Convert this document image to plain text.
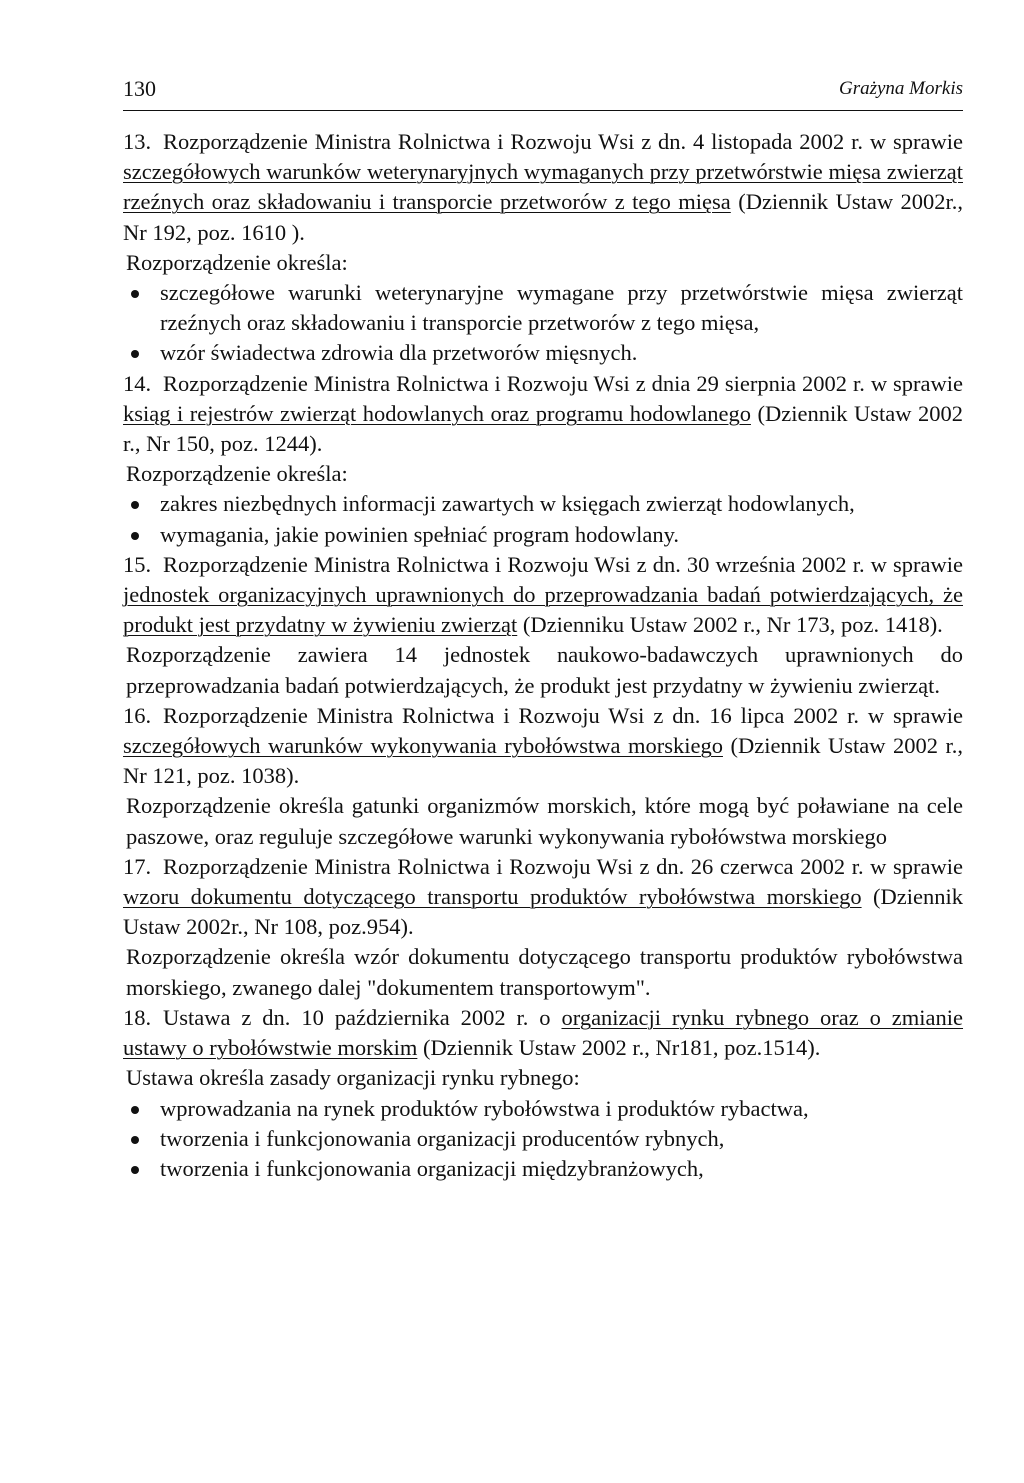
130	Grażyna Morkis
13. Rozporządzenie Ministra Rolnictwa i Rozwoju Wsi z dn. 4 listopada 2002 r. w sprawie szczegółowych warunków weterynaryjnych wymaganych przy przetwórstwie mięsa zwierząt rzeźnych oraz składowaniu i transporcie przetworów z tego mięsa (Dziennik Ustaw 2002r., Nr 192, poz. 1610 ).
Rozporządzenie określa:
szczegółowe warunki weterynaryjne wymagane przy przetwórstwie mięsa zwierząt rzeźnych oraz składowaniu i transporcie przetworów z tego mięsa,
wzór świadectwa zdrowia dla przetworów mięsnych.
14. Rozporządzenie Ministra Rolnictwa i Rozwoju Wsi z dnia 29 sierpnia 2002 r. w sprawie ksiąg i rejestrów zwierząt hodowlanych oraz programu hodowlanego (Dziennik Ustaw 2002 r., Nr 150, poz. 1244).
Rozporządzenie określa:
zakres niezbędnych informacji zawartych w księgach zwierząt hodowlanych,
wymagania, jakie powinien spełniać program hodowlany.
15. Rozporządzenie Ministra Rolnictwa i Rozwoju Wsi z dn. 30 września 2002 r. w sprawie jednostek organizacyjnych uprawnionych do przeprowadzania badań potwierdzających, że produkt jest przydatny w żywieniu zwierząt (Dzienniku Ustaw 2002 r., Nr 173, poz. 1418).
Rozporządzenie zawiera 14 jednostek naukowo-badawczych uprawnionych do przeprowadzania badań potwierdzających, że produkt jest przydatny w żywieniu zwierząt.
16. Rozporządzenie Ministra Rolnictwa i Rozwoju Wsi z dn. 16 lipca 2002 r. w sprawie szczegółowych warunków wykonywania rybołówstwa morskiego (Dziennik Ustaw 2002 r., Nr 121, poz. 1038).
Rozporządzenie określa gatunki organizmów morskich, które mogą być poławiane na cele paszowe, oraz reguluje szczegółowe warunki wykonywania rybołówstwa morskiego
17. Rozporządzenie Ministra Rolnictwa i Rozwoju Wsi z dn. 26 czerwca 2002 r. w sprawie wzoru dokumentu dotyczącego transportu produktów rybołówstwa morskiego (Dziennik Ustaw 2002r., Nr 108, poz.954).
Rozporządzenie określa wzór dokumentu dotyczącego transportu produktów rybołówstwa morskiego, zwanego dalej "dokumentem transportowym".
18. Ustawa z dn. 10 października 2002 r. o organizacji rynku rybnego oraz o zmianie ustawy o rybołówstwie morskim (Dziennik Ustaw 2002 r., Nr181, poz.1514).
Ustawa określa zasady organizacji rynku rybnego:
wprowadzania na rynek produktów rybołówstwa i produktów rybactwa,
tworzenia i funkcjonowania organizacji producentów rybnych,
tworzenia i funkcjonowania organizacji międzybranżowych,
